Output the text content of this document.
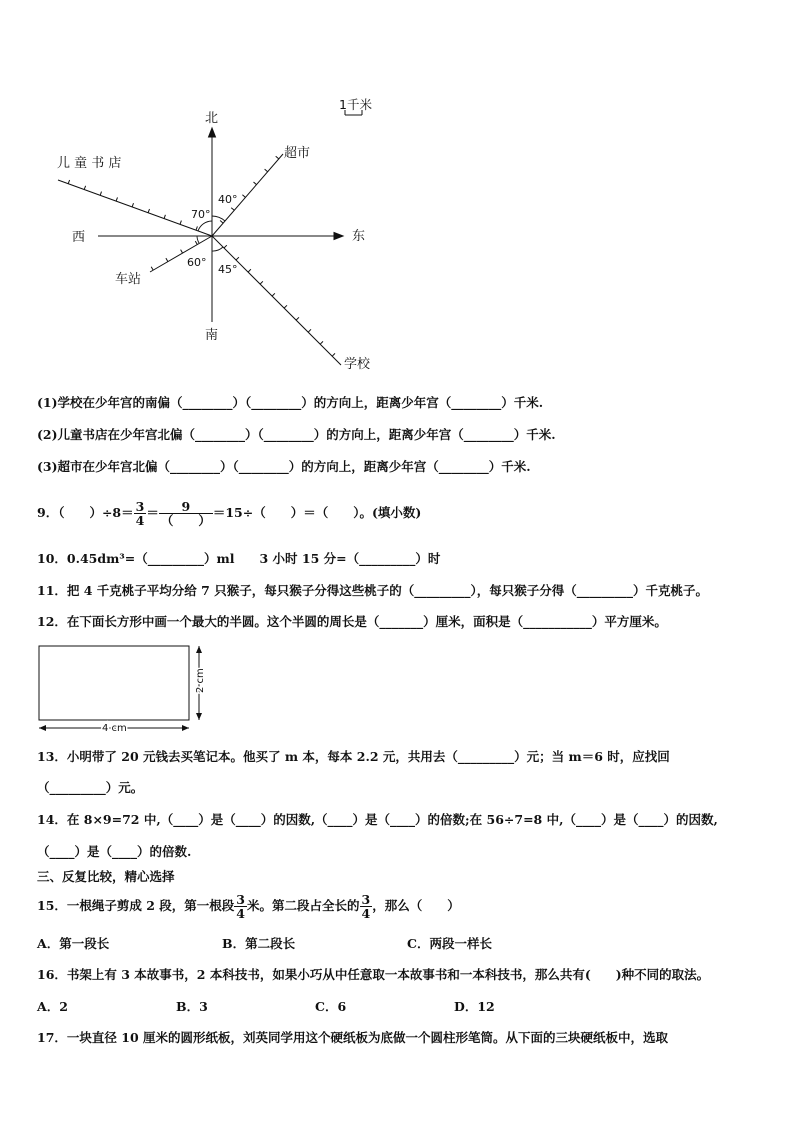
1千米
北
南
西	东
儿 童 书 店
超市
车站
学校
70°
40°
60°
45°
(1)学校在少年宫的南偏（________）（________）的方向上，距离少年宫（________）千米.
(2)儿童书店在少年宫北偏（________）（________）的方向上，距离少年宫（________）千米.
(3)超市在少年宫北偏（________）（________）的方向上，距离少年宫（________）千米.
9．（　　）$\div 8= \frac{3}{4} = \frac{9}{( )} =15\div$（　　）＝（　　）。(填小数)
10．0.45dm³=（_________）ml　　3 小时 15 分=（_________）时
11．把 4 千克桃子平均分给 7 只猴子，每只猴子分得这些桃子的（_________），每只猴子分得（_________）千克桃子。
12．在下面长方形中画一个最大的半圆。这个半圆的周长是（_______）厘米，面积是（___________）平方厘米。
4 cm
2 cm
13．小明带了 20 元钱去买笔记本。他买了 m 本，每本 2.2 元，共用去（_________）元；当 m＝6 时，应找回
（_________）元。
14．在 8×9=72 中,（____）是（____）的因数,（____）是（____）的倍数;在 56÷7=8 中,（____）是（____）的因数,
（____）是（____）的倍数.
三、反复比较，精心选择
15．一根绳子剪成 2 段，第一根段 $\frac{3}{4}$ 米。第二段占全长的 $\frac{3}{4}$ ，那么（　　）
A．第一段长	B．第二段长	C．两段一样长
16．书架上有 3 本故事书，2 本科技书，如果小巧从中任意取一本故事书和一本科技书，那么共有(　　)种不同的取法。
A．2	B．3	C．6	D．12
17．一块直径 10 厘米的圆形纸板，刘英同学用这个硬纸板为底做一个圆柱形笔筒。从下面的三块硬纸板中，选取
